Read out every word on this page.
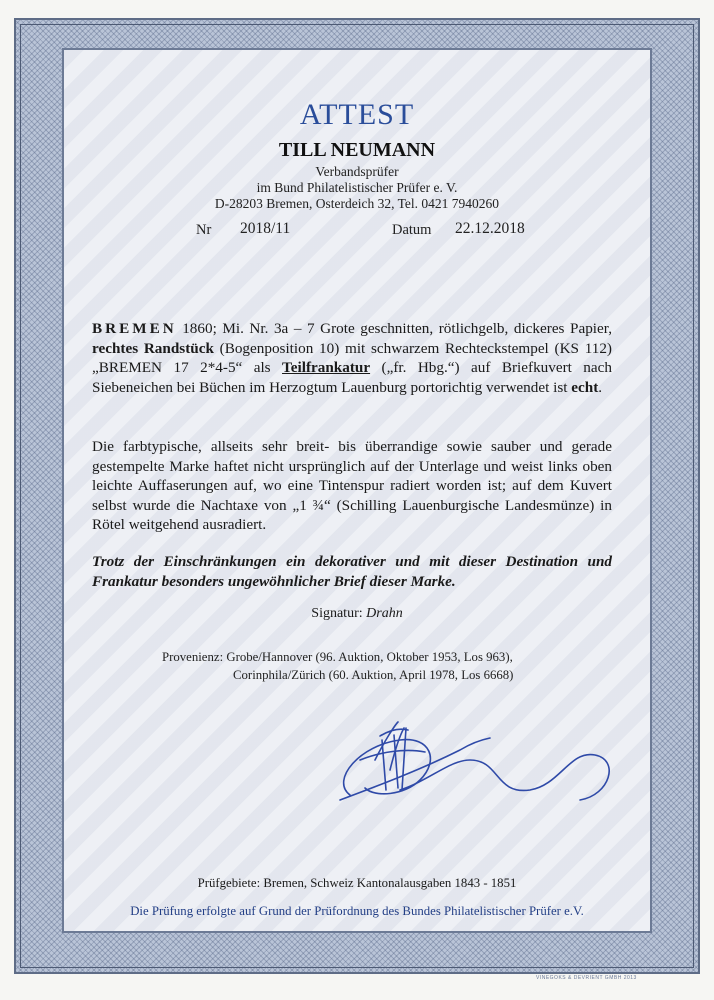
ATTEST
TILL NEUMANN
Verbandsprüfer
im Bund Philatelistischer Prüfer e. V.
D-28203 Bremen, Osterdeich 32, Tel. 0421 7940260
Nr 2018/11	Datum 22.12.2018
BREMEN 1860; Mi. Nr. 3a – 7 Grote geschnitten, rötlichgelb, dickeres Papier, rechtes Randstück (Bogenposition 10) mit schwarzem Rechteckstempel (KS 112) „BREMEN 17 2*4-5“ als Teilfrankatur („fr. Hbg.“) auf Briefkuvert nach Siebeneichen bei Büchen im Herzogtum Lauenburg portorichtig verwendet ist echt.
Die farbtypische, allseits sehr breit- bis überrandige sowie sauber und gerade gestempelte Marke haftet nicht ursprünglich auf der Unterlage und weist links oben leichte Auffaserungen auf, wo eine Tintenspur radiert worden ist; auf dem Kuvert selbst wurde die Nachtaxe von „1 ¾“ (Schilling Lauenburgische Landesmünze) in Rötel weitgehend ausradiert.
Trotz der Einschränkungen ein dekorativer und mit dieser Destination und Frankatur besonders ungewöhnlicher Brief dieser Marke.
Signatur: Drahn
Provenienz: Grobe/Hannover (96. Auktion, Oktober 1953, Los 963),
Corinphila/Zürich (60. Auktion, April 1978, Los 6668)
Prüfgebiete: Bremen, Schweiz Kantonalausgaben 1843 - 1851
Die Prüfung erfolgte auf Grund der Prüfordnung des Bundes Philatelistischer Prüfer e.V.
VINEGOKS & DEVRIENT GMBH 2013
